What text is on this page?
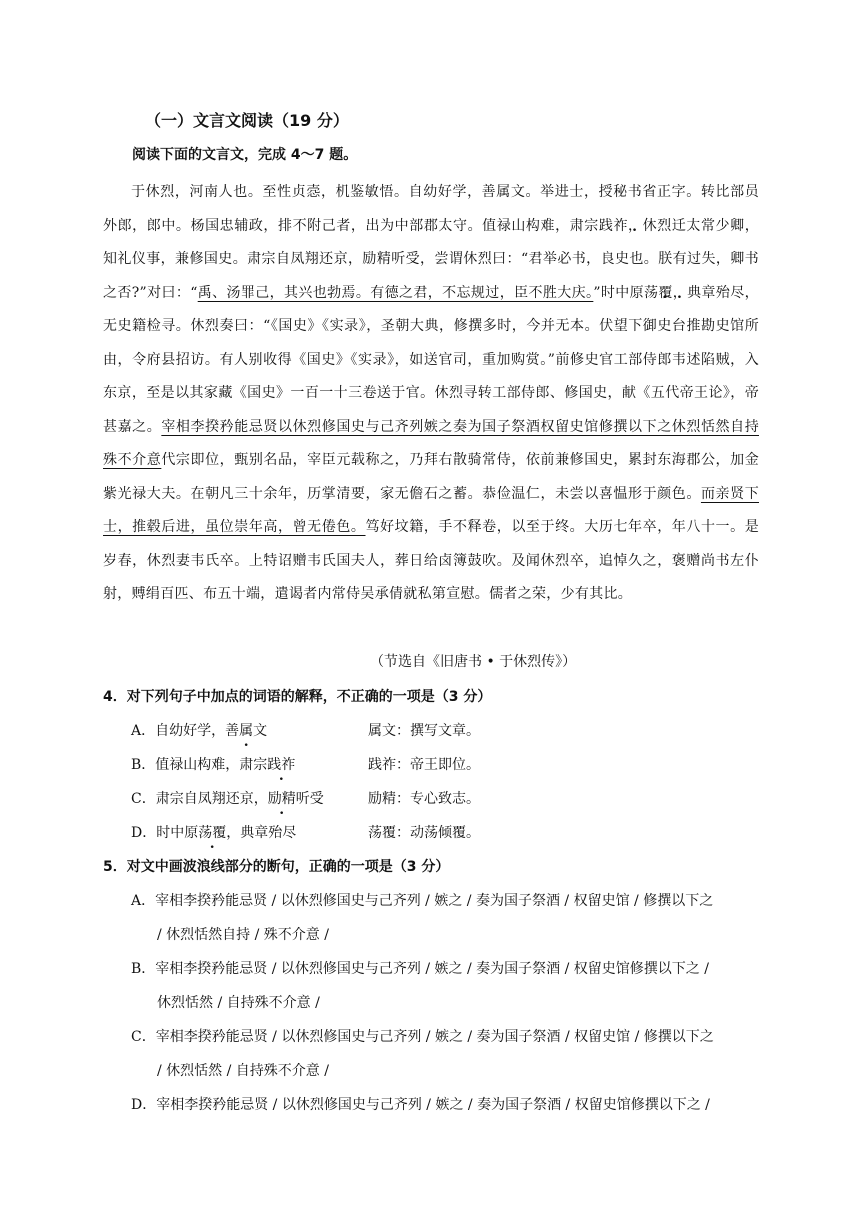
（一）文言文阅读（19 分）
阅读下面的文言文，完成 4～7 题。
于休烈，河南人也。至性贞悫，机鉴敏悟。自幼好学，善属文。举进士，授秘书省正字。转比部员外郎，郎中。杨国忠辅政，排不附己者，出为中部郡太守。值禄山构难，肃宗践祚 .，休烈迁太常少卿，知礼仪事，兼修国史。肃宗自凤翔还京，励精听受，尝谓休烈曰：“君举必书，良史也。朕有过失，卿书之否?”对曰：“禹、汤罪己，其兴也勃焉。有德之君，不忘规过，臣不胜大庆。”时中原荡 .覆 .，典章殆尽，无史籍检寻。休烈奏曰：“《国史》《实录》，圣朝大典，修撰多时，今并无本。伏望下御史台推勘史馆所由，令府县招访。有人别收得《国史》《实录》，如送官司，重加购赏。”前修史官工部侍郎韦述陷贼，入东京，至是以其家藏《国史》一百一十三卷送于官。休烈寻转工部侍郎、修国史，献《五代帝王论》，帝甚嘉之。宰相李揆矜能忌贤以休烈修国史与己齐列嫉之奏为国子祭酒权留史馆修撰以下之休烈恬然自持殊不介意代宗即位，甄别名品，宰臣元载称之，乃拜右散骑常侍，依前兼修国史，累封东海郡公，加金紫光禄大夫。在朝凡三十余年，历掌清要，家无儋石之蓄。恭俭温仁，未尝以喜愠形于颜色。而亲贤下士，推毂后进，虽位崇年高，曾无倦色。笃好坟籍，手不释卷，以至于终。大历七年卒，年八十一。是岁春，休烈妻韦氏卒。上特诏赠韦氏国夫人，葬日给卤簿鼓吹。及闻休烈卒，追悼久之，褒赠尚书左仆射，赙绢百匹、布五十端，遣谒者内常侍吴承倩就私第宣慰。儒者之荣，少有其比。
（节选自《旧唐书 • 于休烈传》）
4．对下列句子中加点的词语的解释，不正确的一项是（3 分）
A．自幼好学，善属文	属文：撰写文章。
B．值禄山构难，肃宗践祚	践祚：帝王即位。
C．肃宗自凤翔还京，励精听受	励精：专心致志。
D．时中原荡覆，典章殆尽	荡覆：动荡倾覆。
5．对文中画波浪线部分的断句，正确的一项是（3 分）
A．宰相李揆矜能忌贤 / 以休烈修国史与己齐列 / 嫉之 / 奏为国子祭酒 / 权留史馆 / 修撰以下之
/ 休烈恬然自持 / 殊不介意 /
B．宰相李揆矜能忌贤 / 以休烈修国史与己齐列 / 嫉之 / 奏为国子祭酒 / 权留史馆修撰以下之 /
休烈恬然 / 自持殊不介意 /
C．宰相李揆矜能忌贤 / 以休烈修国史与己齐列 / 嫉之 / 奏为国子祭酒 / 权留史馆 / 修撰以下之
/ 休烈恬然 / 自持殊不介意 /
D．宰相李揆矜能忌贤 / 以休烈修国史与己齐列 / 嫉之 / 奏为国子祭酒 / 权留史馆修撰以下之 /
